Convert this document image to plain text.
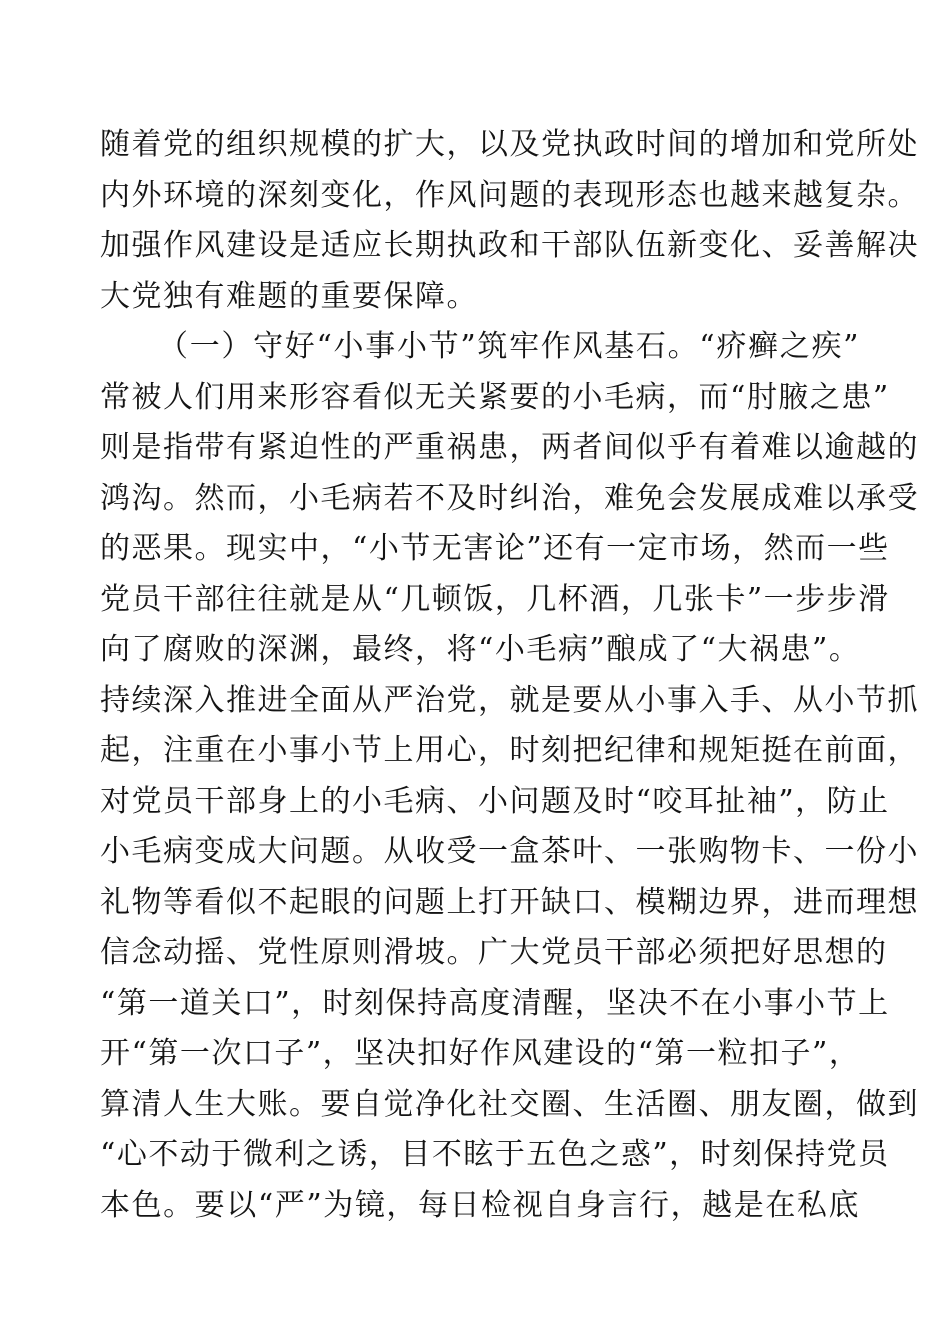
随着党的组织规模的扩大，以及党执政时间的增加和党所处
内外环境的深刻变化，作风问题的表现形态也越来越复杂。
加强作风建设是适应长期执政和干部队伍新变化、妥善解决
大党独有难题的重要保障。
（一）守好“小事小节”筑牢作风基石。“疥癣之疾”
常被人们用来形容看似无关紧要的小毛病，而“肘腋之患”
则是指带有紧迫性的严重祸患，两者间似乎有着难以逾越的
鸿沟。然而，小毛病若不及时纠治，难免会发展成难以承受
的恶果。现实中，“小节无害论”还有一定市场，然而一些
党员干部往往就是从“几顿饭，几杯酒，几张卡”一步步滑
向了腐败的深渊，最终，将“小毛病”酿成了“大祸患”。
持续深入推进全面从严治党，就是要从小事入手、从小节抓
起，注重在小事小节上用心，时刻把纪律和规矩挺在前面，
对党员干部身上的小毛病、小问题及时“咬耳扯袖”，防止
小毛病变成大问题。从收受一盒茶叶、一张购物卡、一份小
礼物等看似不起眼的问题上打开缺口、模糊边界，进而理想
信念动摇、党性原则滑坡。广大党员干部必须把好思想的
“第一道关口”，时刻保持高度清醒，坚决不在小事小节上
开“第一次口子”，坚决扣好作风建设的“第一粒扣子”，
算清人生大账。要自觉净化社交圈、生活圈、朋友圈，做到
“心不动于微利之诱，目不眩于五色之惑”，时刻保持党员
本色。要以“严”为镜，每日检视自身言行，越是在私底
